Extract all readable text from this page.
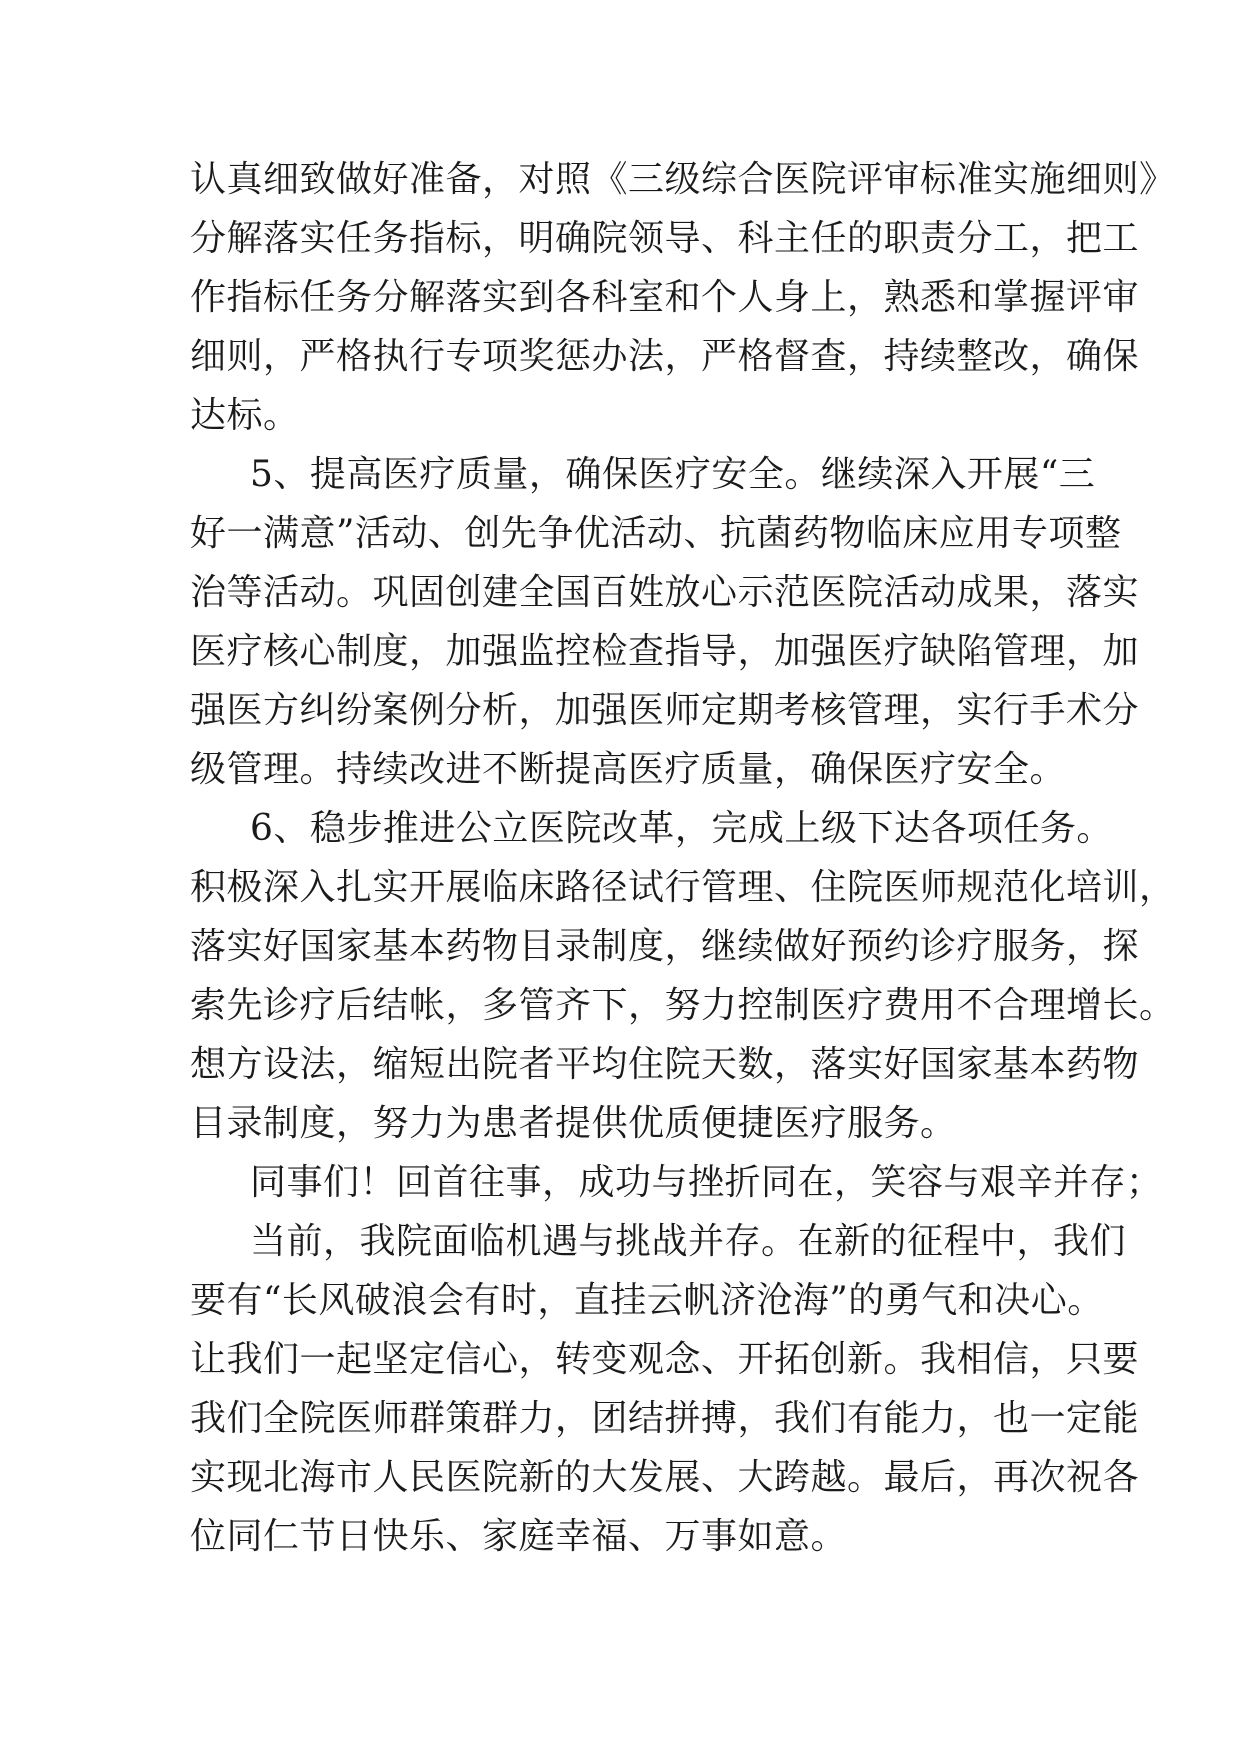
认真细致做好准备，对照《三级综合医院评审标准实施细则》
分解落实任务指标，明确院领导、科主任的职责分工，把工
作指标任务分解落实到各科室和个人身上，熟悉和掌握评审
细则，严格执行专项奖惩办法，严格督查，持续整改，确保
达标。
5、提高医疗质量，确保医疗安全。继续深入开展“三
好一满意”活动、创先争优活动、抗菌药物临床应用专项整
治等活动。巩固创建全国百姓放心示范医院活动成果，落实
医疗核心制度，加强监控检查指导，加强医疗缺陷管理，加
强医方纠纷案例分析，加强医师定期考核管理，实行手术分
级管理。持续改进不断提高医疗质量，确保医疗安全。
6、稳步推进公立医院改革，完成上级下达各项任务。
积极深入扎实开展临床路径试行管理、住院医师规范化培训，
落实好国家基本药物目录制度，继续做好预约诊疗服务，探
索先诊疗后结帐，多管齐下，努力控制医疗费用不合理增长。
想方设法，缩短出院者平均住院天数，落实好国家基本药物
目录制度，努力为患者提供优质便捷医疗服务。
同事们！回首往事，成功与挫折同在，笑容与艰辛并存；
当前，我院面临机遇与挑战并存。在新的征程中，我们
要有“长风破浪会有时，直挂云帆济沧海”的勇气和决心。
让我们一起坚定信心，转变观念、开拓创新。我相信，只要
我们全院医师群策群力，团结拼搏，我们有能力，也一定能
实现北海市人民医院新的大发展、大跨越。最后，再次祝各
位同仁节日快乐、家庭幸福、万事如意。
